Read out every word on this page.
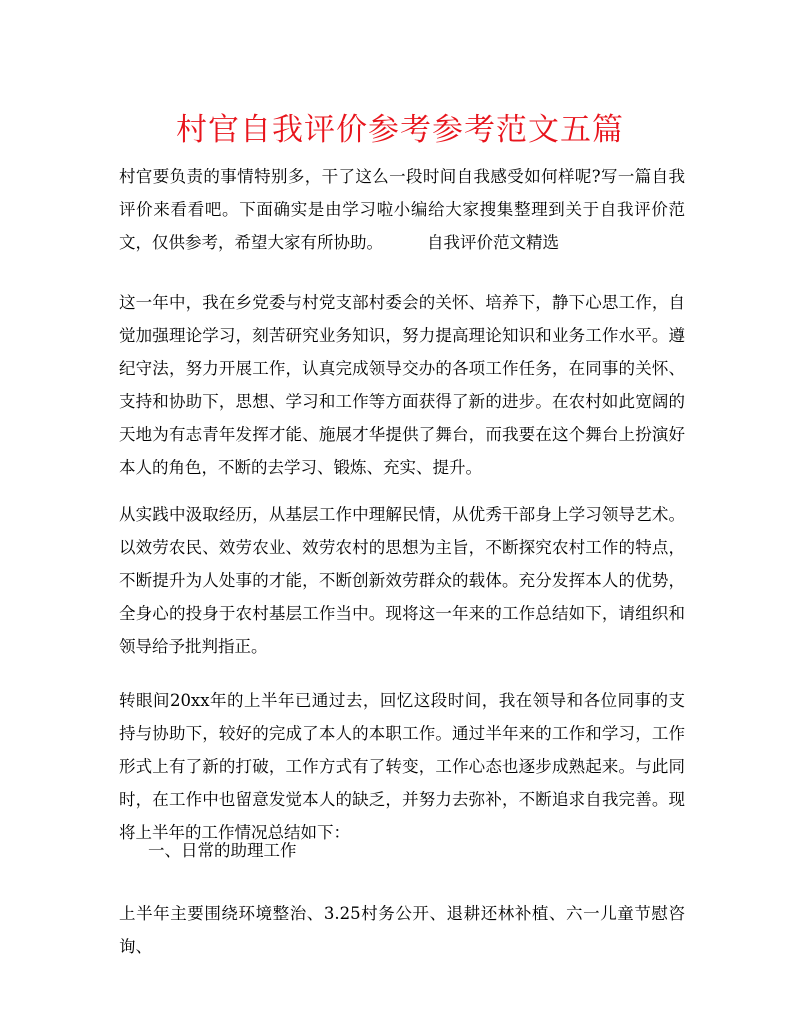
村官自我评价参考参考范文五篇

村官要负责的事情特别多，干了这么一段时间自我感受如何样呢?写一篇自我评价来看看吧。下面确实是由学习啦小编给大家搜集整理到关于自我评价范文，仅供参考，希望大家有所协助。	自我评价范文精选

这一年中，我在乡党委与村党支部村委会的关怀、培养下，静下心思工作，自觉加强理论学习，刻苦研究业务知识，努力提高理论知识和业务工作水平。遵纪守法，努力开展工作，认真完成领导交办的各项工作任务，在同事的关怀、支持和协助下，思想、学习和工作等方面获得了新的进步。在农村如此宽阔的天地为有志青年发挥才能、施展才华提供了舞台，而我要在这个舞台上扮演好本人的角色，不断的去学习、锻炼、充实、提升。

从实践中汲取经历，从基层工作中理解民情，从优秀干部身上学习领导艺术。以效劳农民、效劳农业、效劳农村的思想为主旨，不断探究农村工作的特点，不断提升为人处事的才能，不断创新效劳群众的载体。充分发挥本人的优势，全身心的投身于农村基层工作当中。现将这一年来的工作总结如下，请组织和领导给予批判指正。

转眼间20xx年的上半年已通过去，回忆这段时间，我在领导和各位同事的支持与协助下，较好的完成了本人的本职工作。通过半年来的工作和学习，工作形式上有了新的打破，工作方式有了转变，工作心态也逐步成熟起来。与此同时，在工作中也留意发觉本人的缺乏，并努力去弥补，不断追求自我完善。现将上半年的工作情况总结如下：

一、日常的助理工作

上半年主要围绕环境整治、3.25村务公开、退耕还林补植、六一儿童节慰咨询、
